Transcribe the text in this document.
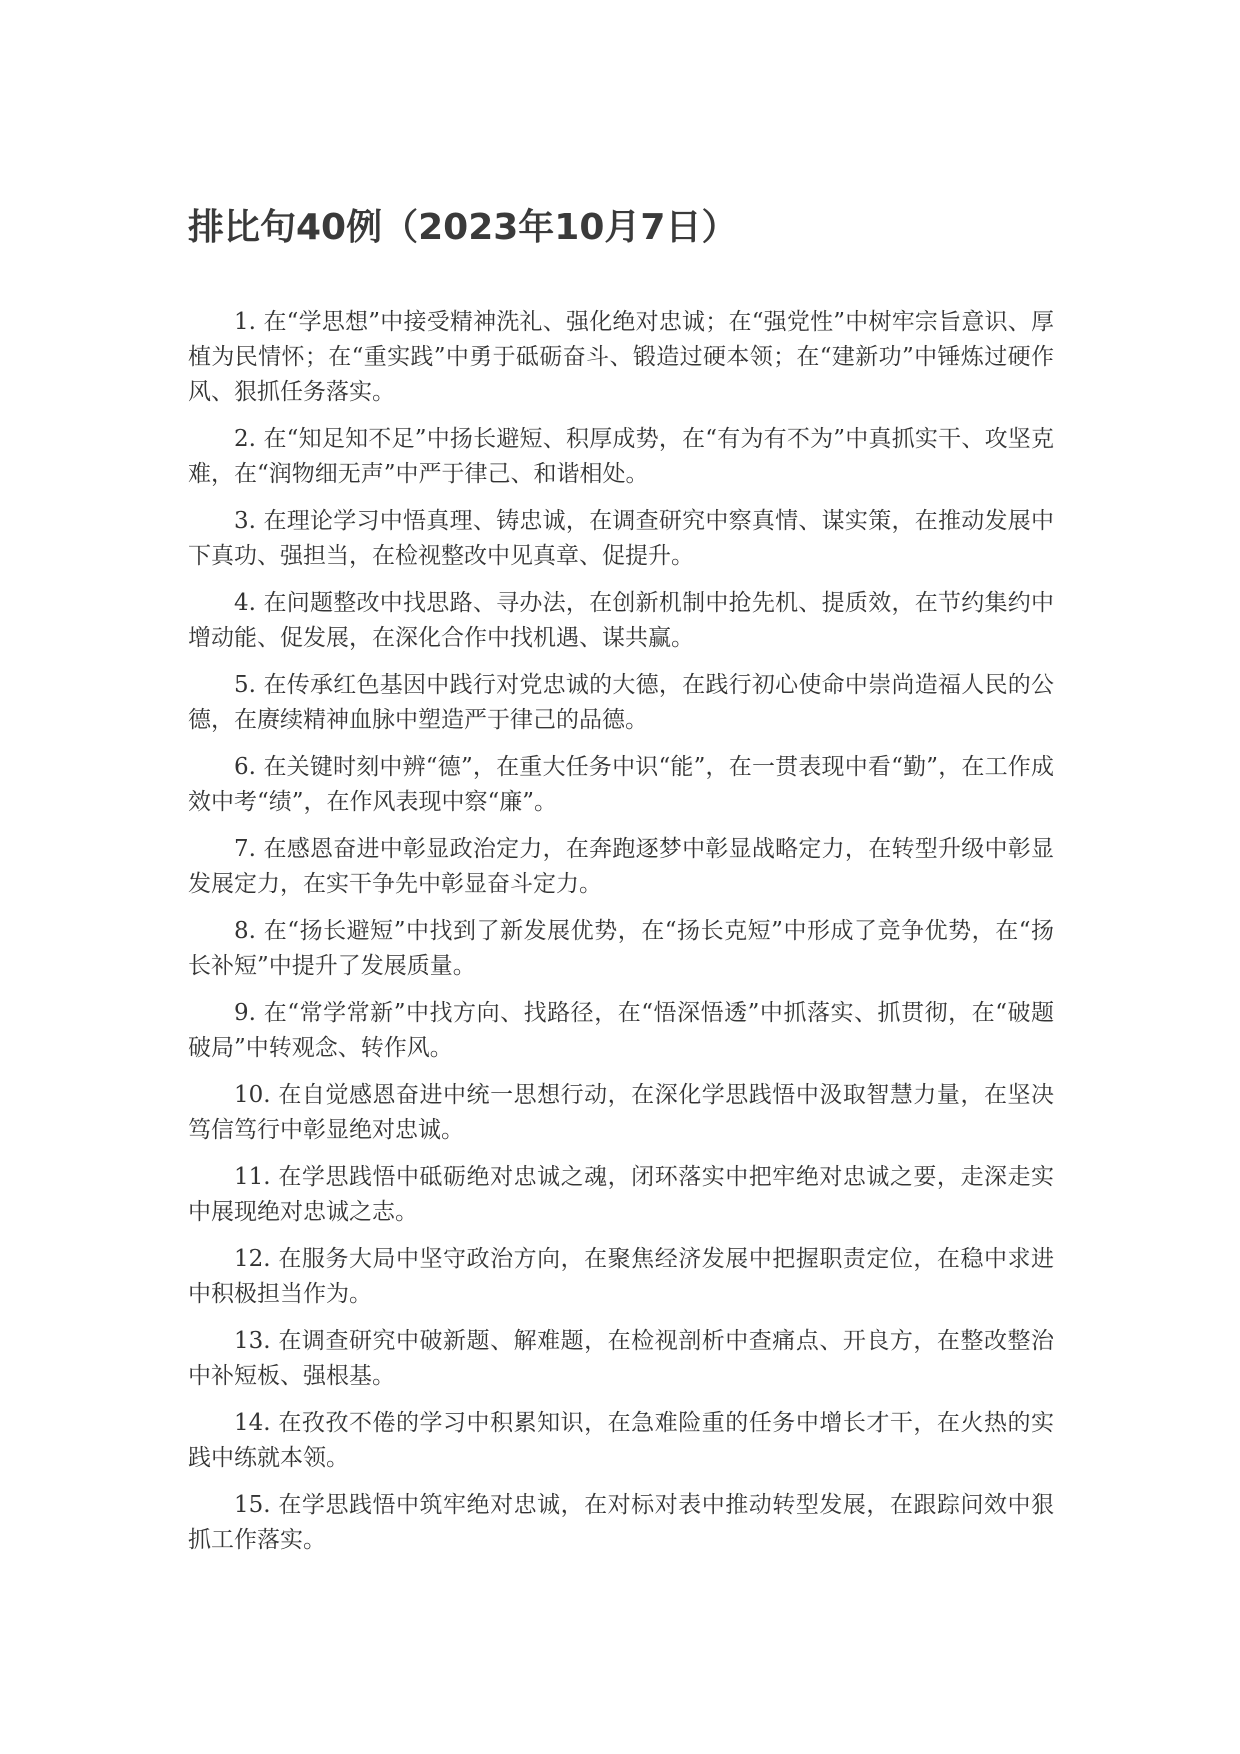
排比句40例（2023年10月7日）

1. 在“学思想”中接受精神洗礼、强化绝对忠诚；在“强党性”中树牢宗旨意识、厚植为民情怀；在“重实践”中勇于砥砺奋斗、锻造过硬本领；在“建新功”中锤炼过硬作风、狠抓任务落实。

2. 在“知足知不足”中扬长避短、积厚成势，在“有为有不为”中真抓实干、攻坚克难，在“润物细无声”中严于律己、和谐相处。

3. 在理论学习中悟真理、铸忠诚，在调查研究中察真情、谋实策，在推动发展中下真功、强担当，在检视整改中见真章、促提升。

4. 在问题整改中找思路、寻办法，在创新机制中抢先机、提质效，在节约集约中增动能、促发展，在深化合作中找机遇、谋共赢。

5. 在传承红色基因中践行对党忠诚的大德，在践行初心使命中崇尚造福人民的公德，在赓续精神血脉中塑造严于律己的品德。

6. 在关键时刻中辨“德”，在重大任务中识“能”，在一贯表现中看“勤”，在工作成效中考“绩”，在作风表现中察“廉”。

7. 在感恩奋进中彰显政治定力，在奔跑逐梦中彰显战略定力，在转型升级中彰显发展定力，在实干争先中彰显奋斗定力。

8. 在“扬长避短”中找到了新发展优势，在“扬长克短”中形成了竞争优势，在“扬长补短”中提升了发展质量。

9. 在“常学常新”中找方向、找路径，在“悟深悟透”中抓落实、抓贯彻，在“破题破局”中转观念、转作风。

10. 在自觉感恩奋进中统一思想行动，在深化学思践悟中汲取智慧力量，在坚决笃信笃行中彰显绝对忠诚。

11. 在学思践悟中砥砺绝对忠诚之魂，闭环落实中把牢绝对忠诚之要，走深走实中展现绝对忠诚之志。

12. 在服务大局中坚守政治方向，在聚焦经济发展中把握职责定位，在稳中求进中积极担当作为。

13. 在调查研究中破新题、解难题，在检视剖析中查痛点、开良方，在整改整治中补短板、强根基。

14. 在孜孜不倦的学习中积累知识，在急难险重的任务中增长才干，在火热的实践中练就本领。

15. 在学思践悟中筑牢绝对忠诚，在对标对表中推动转型发展，在跟踪问效中狠抓工作落实。
